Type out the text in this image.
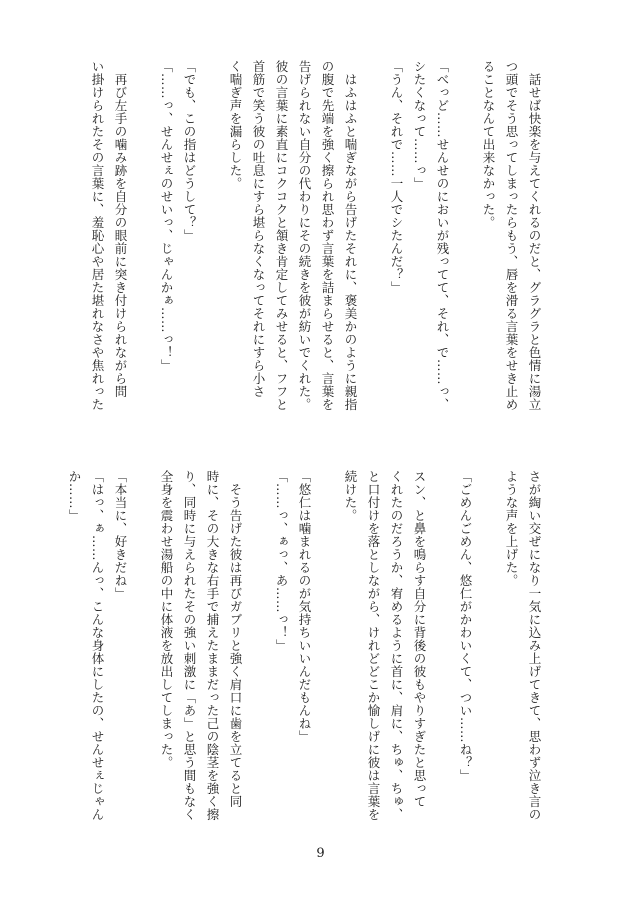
　話せば快楽を与えてくれるのだと、グラグラと色情に湯立
つ頭でそう思ってしまったらもう、唇を滑る言葉をせき止め
ることなんて出来なかった。
「べっど……せんせのにおいが残ってて、それ、で……っ、
シたくなって……っ」
「うん、それで……一人でシたんだ？」
　はふはふと喘ぎながら告げたそれに、褒美かのように親指
の腹で先端を強く擦られ思わず言葉を詰まらせると、言葉を
告げられない自分の代わりにその続きを彼が紡いでくれた。
彼の言葉に素直にコクコクと頷き肯定してみせると、フフと
首筋で笑う彼の吐息にすら堪らなくなってそれにすら小さ
く喘ぎ声を漏らした。
「でも、この指はどうして？」
「……っ、せんせぇのせいっ、じゃんかぁ……っ！」
　再び左手の噛み跡を自分の眼前に突き付けられながら問
い掛けられたその言葉に、羞恥心や居た堪れなさや焦れった
さが綯い交ぜになり一気に込み上げてきて、思わず泣き言の
ような声を上げた。
「ごめんごめん、悠仁がかわいくて、つい……ね？」
スン、と鼻を鳴らす自分に背後の彼もやりすぎたと思って
くれたのだろうか、宥めるように首に、肩に、ちゅ、ちゅ、
と口付けを落としながら、けれどどこか愉しげに彼は言葉を
続けた。
「悠仁は噛まれるのが気持ちいいんだもんね」
「……っ、ぁっ、あ……っ！」
　そう告げた彼は再びガブリと強く肩口に歯を立てると同
時に、その大きな右手で捕えたままだった己の陰茎を強く擦
り、同時に与えられたその強い刺激に「あ」と思う間もなく
全身を震わせ湯船の中に体液を放出してしまった。
「本当に、好きだね」
「はっ、ぁ……んっ、こんな身体にしたの、せんせぇじゃん
か……」
9
